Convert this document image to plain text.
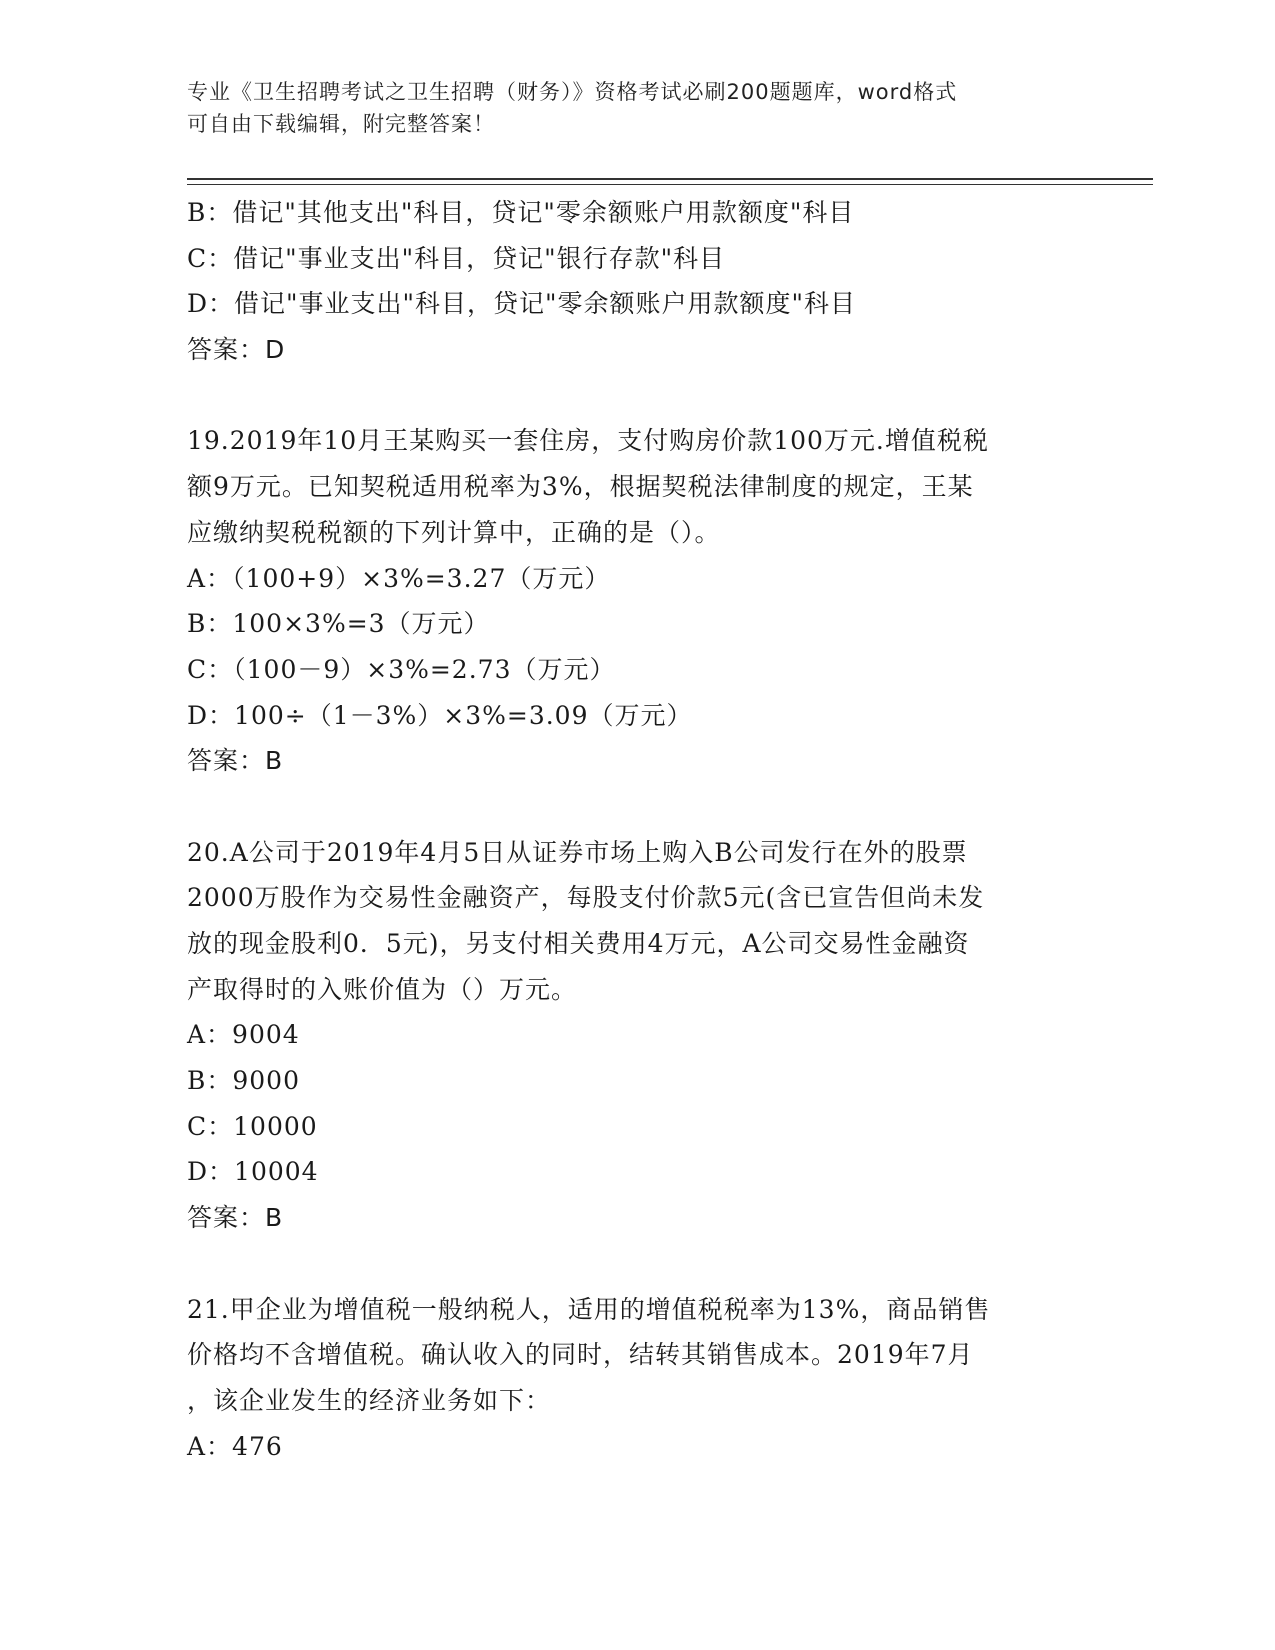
专业《卫生招聘考试之卫生招聘（财务）》资格考试必刷200题题库，word格式
可自由下载编辑，附完整答案！
B：借记"其他支出"科目，贷记"零余额账户用款额度"科目
C：借记"事业支出"科目，贷记"银行存款"科目
D：借记"事业支出"科目，贷记"零余额账户用款额度"科目
答案：D
19.2019年10月王某购买一套住房，支付购房价款100万元.增值税税
额9万元。已知契税适用税率为3%，根据契税法律制度的规定，王某
应缴纳契税税额的下列计算中，正确的是（）。
A：（100+9）×3%=3.27（万元）
B：100×3%=3（万元）
C：（100－9）×3%=2.73（万元）
D：100÷（1－3%）×3%=3.09（万元）
答案：B
20.A公司于2019年4月5日从证券市场上购入B公司发行在外的股票
2000万股作为交易性金融资产，每股支付价款5元(含已宣告但尚未发
放的现金股利0．5元)，另支付相关费用4万元，A公司交易性金融资
产取得时的入账价值为（）万元。
A：9004
B：9000
C：10000
D：10004
答案：B
21.甲企业为增值税一般纳税人，适用的增值税税率为13%，商品销售
价格均不含增值税。确认收入的同时，结转其销售成本。2019年7月
，该企业发生的经济业务如下：
A：476
